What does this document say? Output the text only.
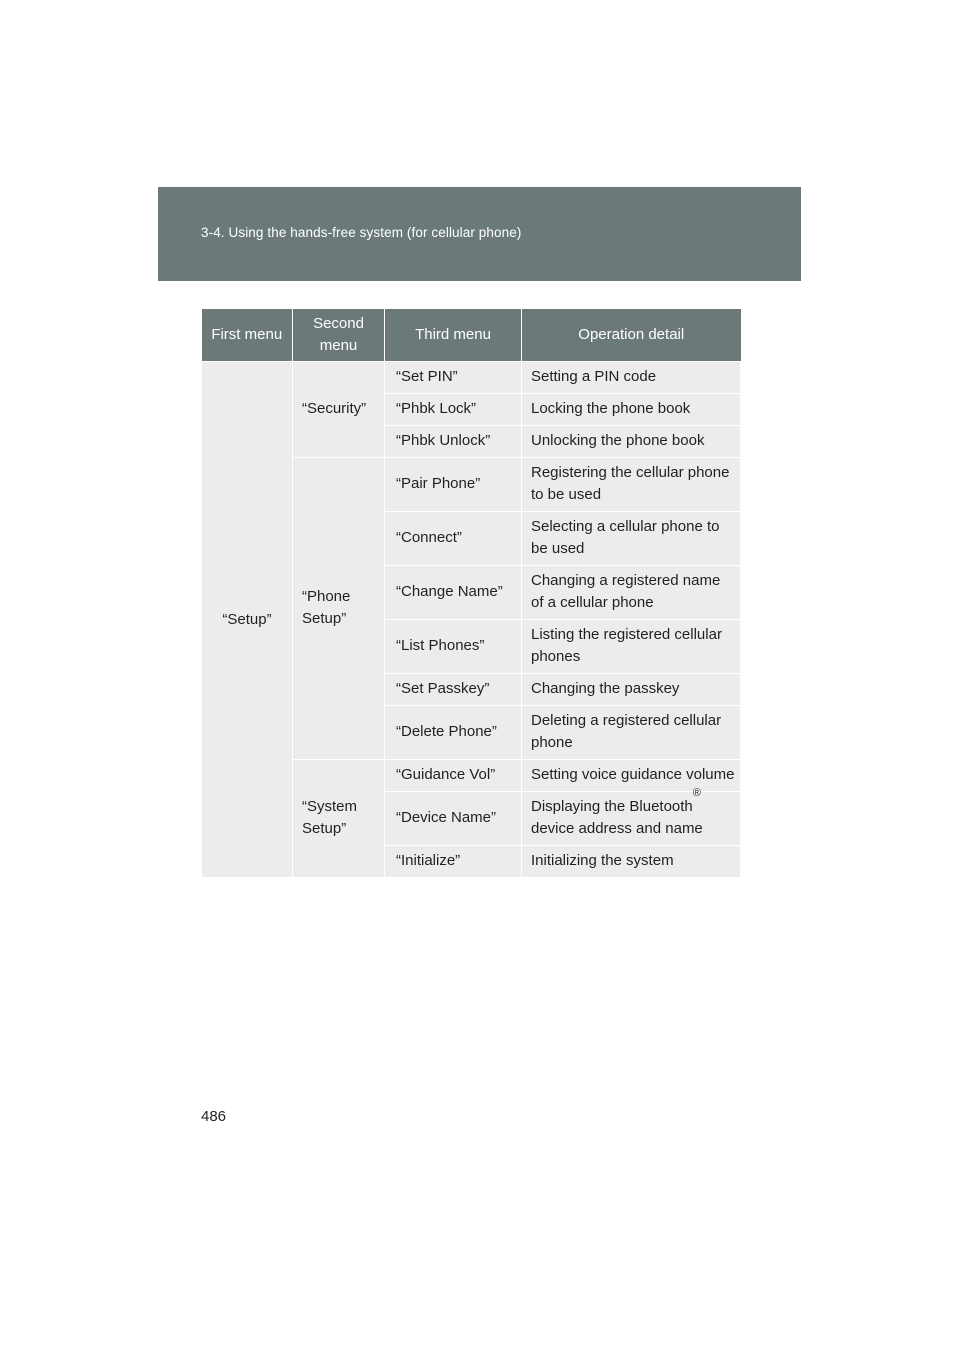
3-4. Using the hands-free system (for cellular phone)
First menu	Second menu	Third menu	Operation detail
“Setup”	“Security”	“Set PIN”	Setting a PIN code
		“Phbk Lock”	Locking the phone book
		“Phbk Unlock”	Unlocking the phone book
	“Phone Setup”	“Pair Phone”	Registering the cellular phone to be used
		“Connect”	Selecting a cellular phone to be used
		“Change Name”	Changing a registered name of a cellular phone
		“List Phones”	Listing the registered cellular phones
		“Set Passkey”	Changing the passkey
		“Delete Phone”	Deleting a registered cellular phone
	“System Setup”	“Guidance Vol”	Setting voice guidance volume
		“Device Name”	Displaying the Bluetooth®
device address and name
		“Initialize”	Initializing the system
486
